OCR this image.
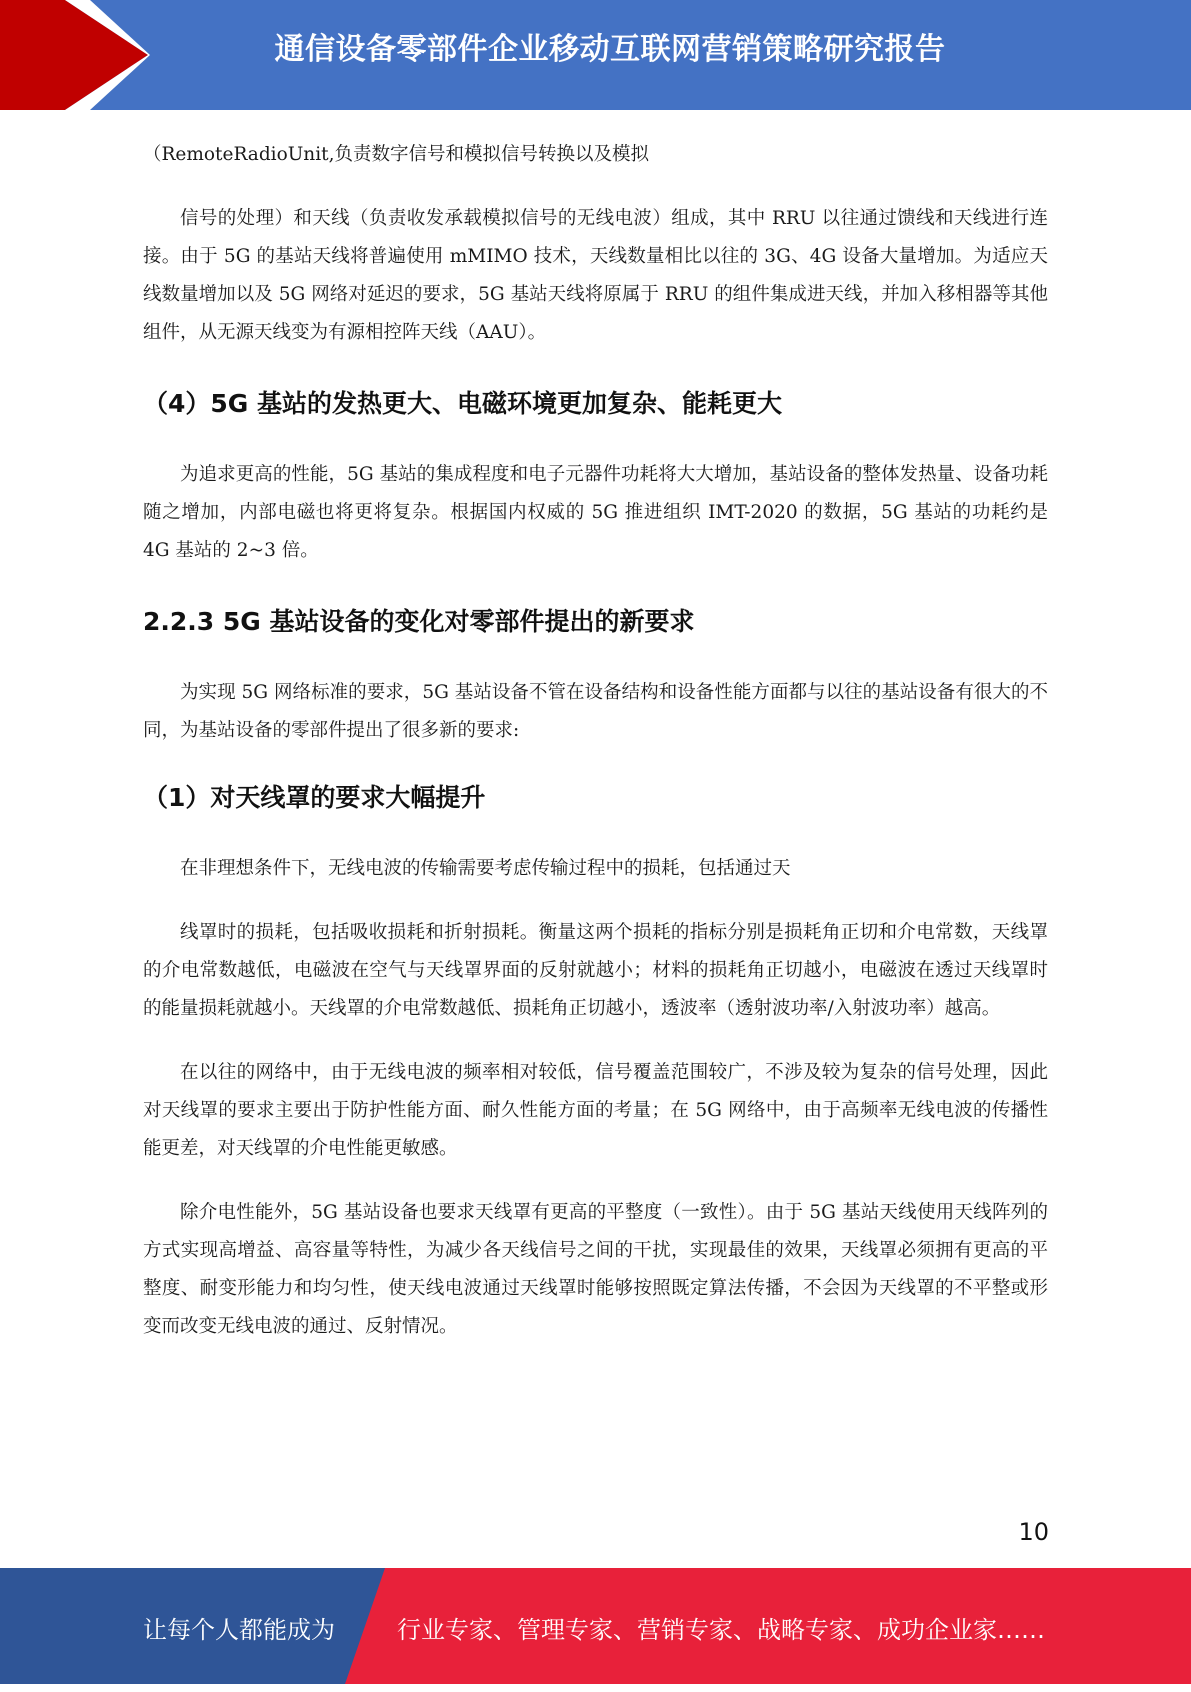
通信设备零部件企业移动互联网营销策略研究报告

（RemoteRadioUnit,负责数字信号和模拟信号转换以及模拟

信号的处理）和天线（负责收发承载模拟信号的无线电波）组成，其中 RRU 以往通过馈线和天线进行连接。由于 5G 的基站天线将普遍使用 mMIMO 技术，天线数量相比以往的 3G、4G 设备大量增加。为适应天线数量增加以及 5G 网络对延迟的要求，5G 基站天线将原属于 RRU 的组件集成进天线，并加入移相器等其他组件，从无源天线变为有源相控阵天线（AAU）。

（4）5G 基站的发热更大、电磁环境更加复杂、能耗更大

为追求更高的性能，5G 基站的集成程度和电子元器件功耗将大大增加，基站设备的整体发热量、设备功耗随之增加，内部电磁也将更将复杂。根据国内权威的 5G 推进组织 IMT-2020 的数据，5G 基站的功耗约是 4G 基站的 2~3 倍。

2.2.3 5G 基站设备的变化对零部件提出的新要求

为实现 5G 网络标准的要求，5G 基站设备不管在设备结构和设备性能方面都与以往的基站设备有很大的不同，为基站设备的零部件提出了很多新的要求:

（1）对天线罩的要求大幅提升

在非理想条件下，无线电波的传输需要考虑传输过程中的损耗，包括通过天

线罩时的损耗，包括吸收损耗和折射损耗。衡量这两个损耗的指标分别是损耗角正切和介电常数，天线罩的介电常数越低，电磁波在空气与天线罩界面的反射就越小；材料的损耗角正切越小，电磁波在透过天线罩时的能量损耗就越小。天线罩的介电常数越低、损耗角正切越小，透波率（透射波功率/入射波功率）越高。

在以往的网络中，由于无线电波的频率相对较低，信号覆盖范围较广，不涉及较为复杂的信号处理，因此对天线罩的要求主要出于防护性能方面、耐久性能方面的考量；在 5G 网络中，由于高频率无线电波的传播性能更差，对天线罩的介电性能更敏感。

除介电性能外，5G 基站设备也要求天线罩有更高的平整度（一致性）。由于 5G 基站天线使用天线阵列的方式实现高增益、高容量等特性，为减少各天线信号之间的干扰，实现最佳的效果，天线罩必须拥有更高的平整度、耐变形能力和均匀性，使天线电波通过天线罩时能够按照既定算法传播，不会因为天线罩的不平整或形变而改变无线电波的通过、反射情况。

10
让每个人都能成为	行业专家、管理专家、营销专家、战略专家、成功企业家……
